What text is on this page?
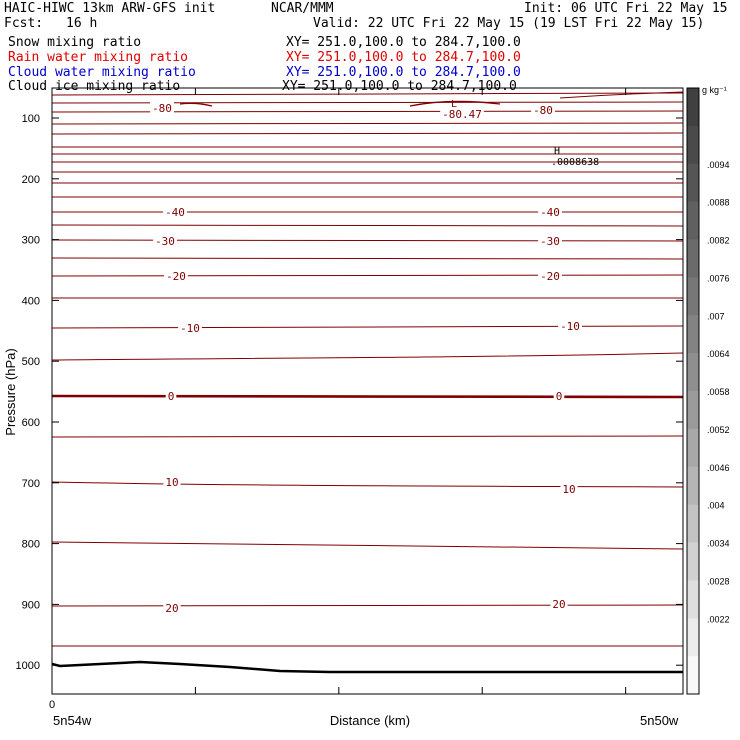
HAIC-HIWC 13km ARW-GFS init	NCAR/MMM	Init: 06 UTC Fri 22 May 15
Fcst: 16 h	Valid: 22 UTC Fri 22 May 15 (19 LST Fri 22 May 15)
Snow mixing ratio	XY= 251.0,100.0 to 284.7,100.0
Rain water mixing ratio	XY= 251.0,100.0 to 284.7,100.0
Cloud water mixing ratio	XY= 251.0,100.0 to 284.7,100.0
Cloud ice mixing ratio	XY= 251.0,100.0 to 284.7,100.0
100
200
300
400
500
600
700
800
900
1000
-80	-80.47	-80
-40	-40
-30	-30
-20	-20
-10	-10
0	0
10
10
20	20
L
H
.0008638	.0094
.0088
.0082
.0076
.007
.0064
.0058
.0052
.0046
.004
.0034
.0028
.0022
Pressure (hPa)
Distance (km)
5n54w	5n50w
0
g kg⁻¹
